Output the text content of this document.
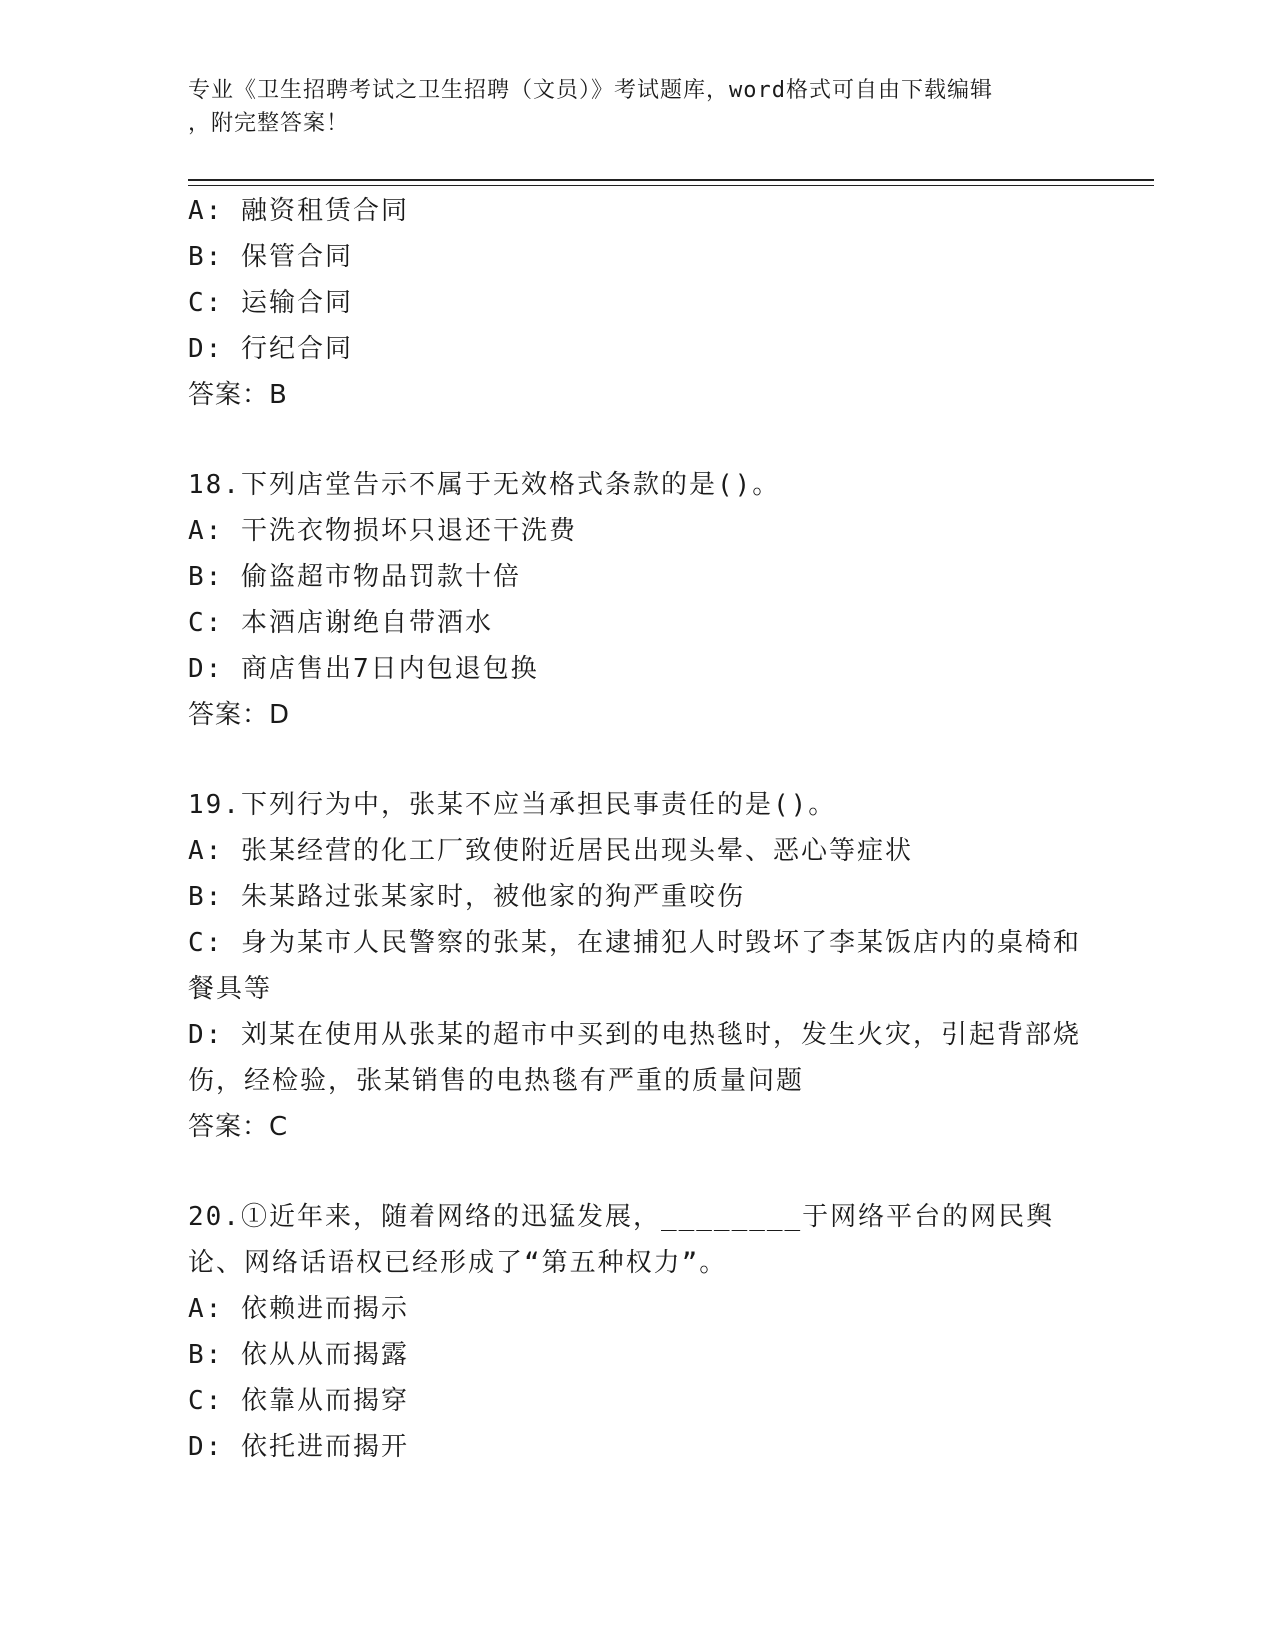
专业《卫生招聘考试之卫生招聘（文员）》考试题库，word格式可自由下载编辑
，附完整答案！
A: 融资租赁合同
B: 保管合同
C: 运输合同
D: 行纪合同
答案：B
18.下列店堂告示不属于无效格式条款的是()。
A: 干洗衣物损坏只退还干洗费
B: 偷盗超市物品罚款十倍
C: 本酒店谢绝自带酒水
D: 商店售出7日内包退包换
答案：D
19.下列行为中，张某不应当承担民事责任的是()。
A: 张某经营的化工厂致使附近居民出现头晕、恶心等症状
B: 朱某路过张某家时，被他家的狗严重咬伤
C: 身为某市人民警察的张某，在逮捕犯人时毁坏了李某饭店内的桌椅和餐具等
D: 刘某在使用从张某的超市中买到的电热毯时，发生火灾，引起背部烧伤，经检验，张某销售的电热毯有严重的质量问题
答案：C
20.①近年来，随着网络的迅猛发展，________于网络平台的网民舆论、网络话语权已经形成了“第五种权力”。
A: 依赖进而揭示
B: 依从从而揭露
C: 依靠从而揭穿
D: 依托进而揭开
